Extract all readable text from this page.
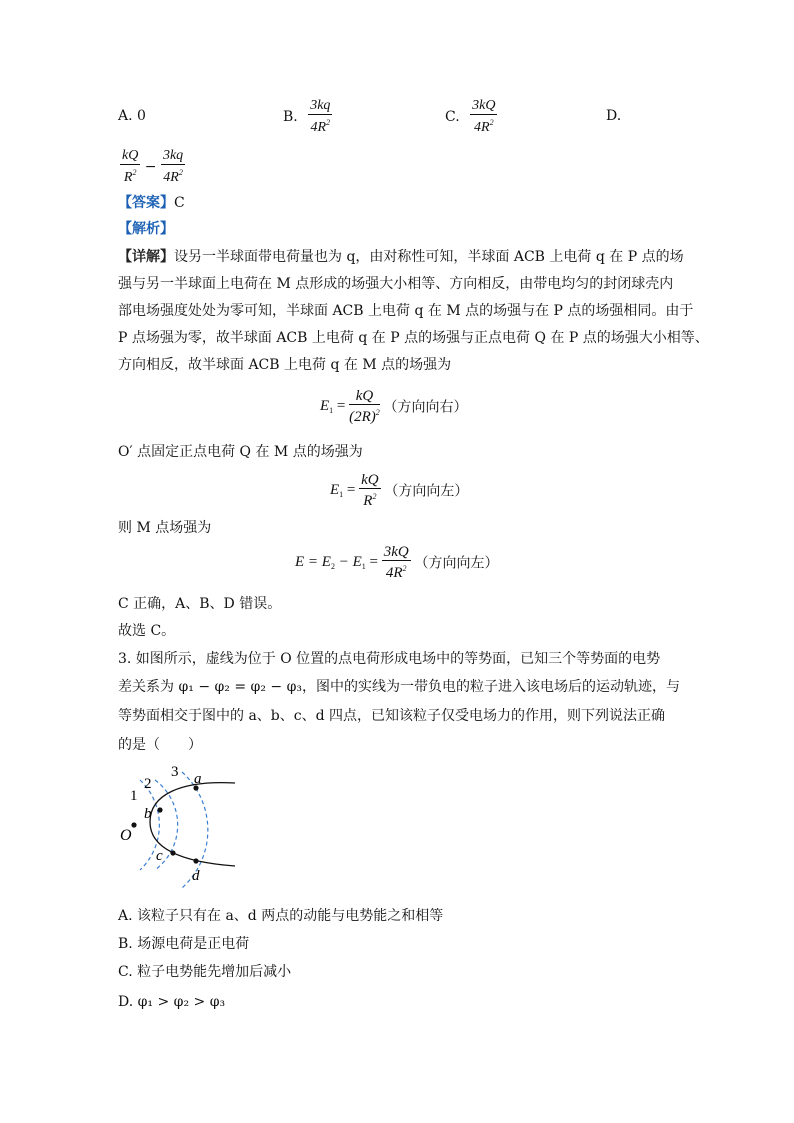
A. 0	B. $\frac{3kq}{4R^2}$	C. $\frac{3kQ}{4R^2}$	D.
$\frac{kQ}{R^2} - \frac{3kq}{4R^2}$
【答案】C
【解析】
【详解】设另一半球面带电荷量也为 q，由对称性可知，半球面 ACB 上电荷 q 在 P 点的场
强与另一半球面上电荷在 M 点形成的场强大小相等、方向相反，由带电均匀的封闭球壳内
部电场强度处处为零可知，半球面 ACB 上电荷 q 在 M 点的场强与在 P 点的场强相同。由于
P 点场强为零，故半球面 ACB 上电荷 q 在 P 点的场强与正点电荷 Q 在 P 点的场强大小相等、
方向相反，故半球面 ACB 上电荷 q 在 M 点的场强为
$E_1 = \frac{kQ}{(2R)^2}$ （方向向右）
O′ 点固定正点电荷 Q 在 M 点的场强为
$E_1 = \frac{kQ}{R^2}$ （方向向左）
则 M 点场强为
$E = E_2 - E_1 = \frac{3kQ}{4R^2}$ （方向向左）
C 正确，A、B、D 错误。
故选 C。
3. 如图所示，虚线为位于 O 位置的点电荷形成电场中的等势面，已知三个等势面的电势
差关系为 φ₁ − φ₂ = φ₂ − φ₃，图中的实线为一带负电的粒子进入该电场后的运动轨迹，与
等势面相交于图中的 a、b、c、d 四点，已知该粒子仅受电场力的作用，则下列说法正确
的是（　　）
1
2
3 a
b
c
d
O
A. 该粒子只有在 a、d 两点的动能与电势能之和相等
B. 场源电荷是正电荷
C. 粒子电势能先增加后减小
D. φ₁ > φ₂ > φ₃
